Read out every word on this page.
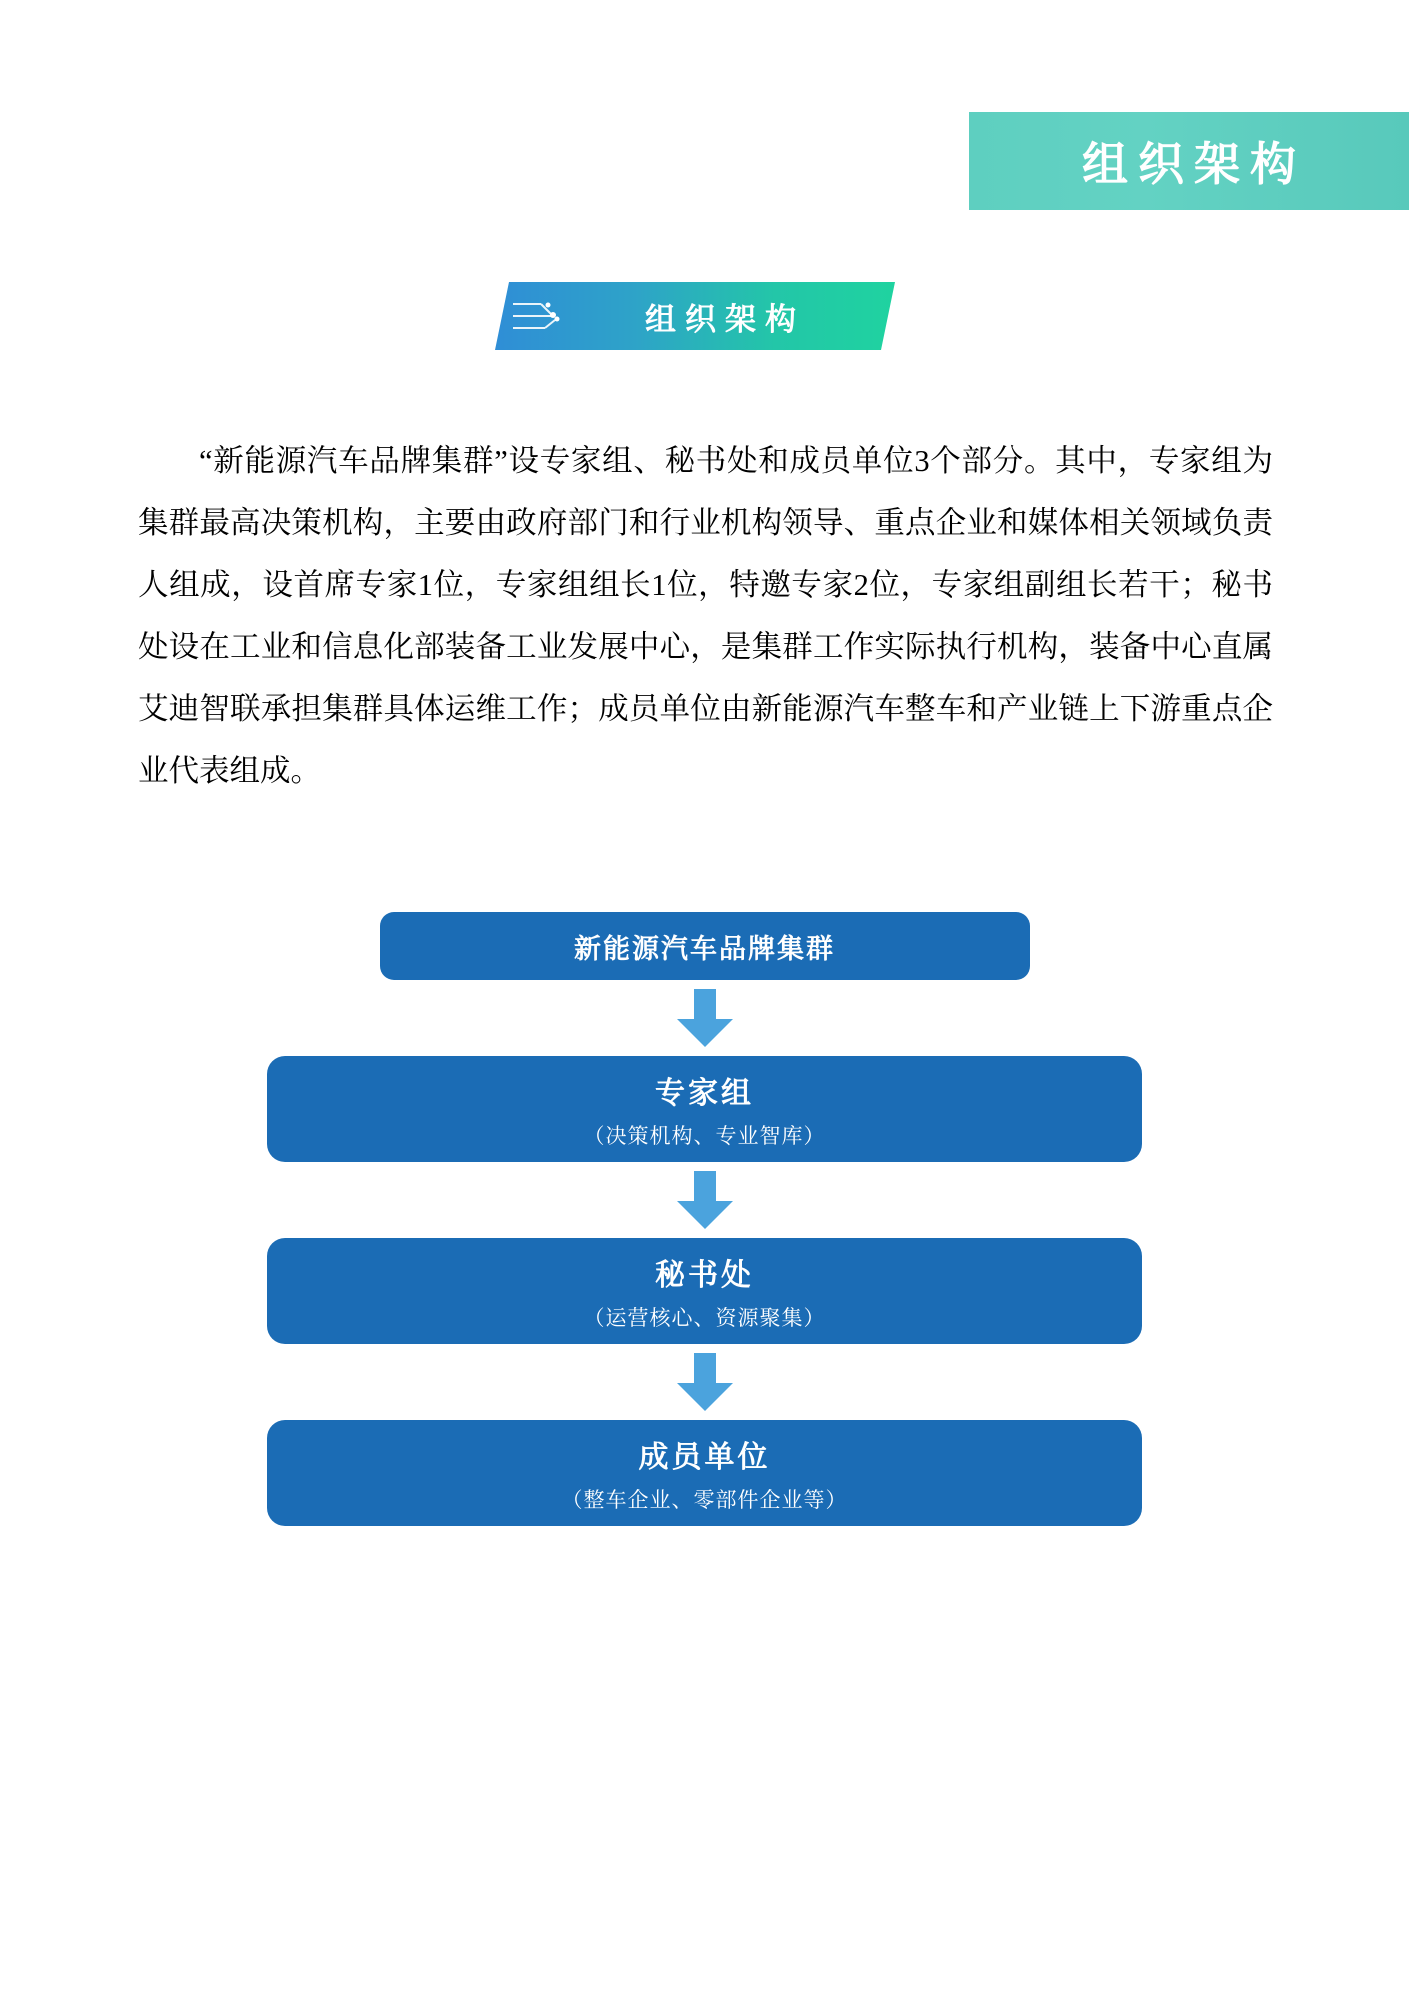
组织架构
组织架构
“新能源汽车品牌集群”设专家组、秘书处和成员单位3个部分。其中，专家组为集群最高决策机构，主要由政府部门和行业机构领导、重点企业和媒体相关领域负责人组成，设首席专家1位，专家组组长1位，特邀专家2位，专家组副组长若干；秘书处设在工业和信息化部装备工业发展中心，是集群工作实际执行机构，装备中心直属艾迪智联承担集群具体运维工作；成员单位由新能源汽车整车和产业链上下游重点企业代表组成。
新能源汽车品牌集群
专家组
（决策机构、专业智库）
秘书处
（运营核心、资源聚集）
成员单位
（整车企业、零部件企业等）
